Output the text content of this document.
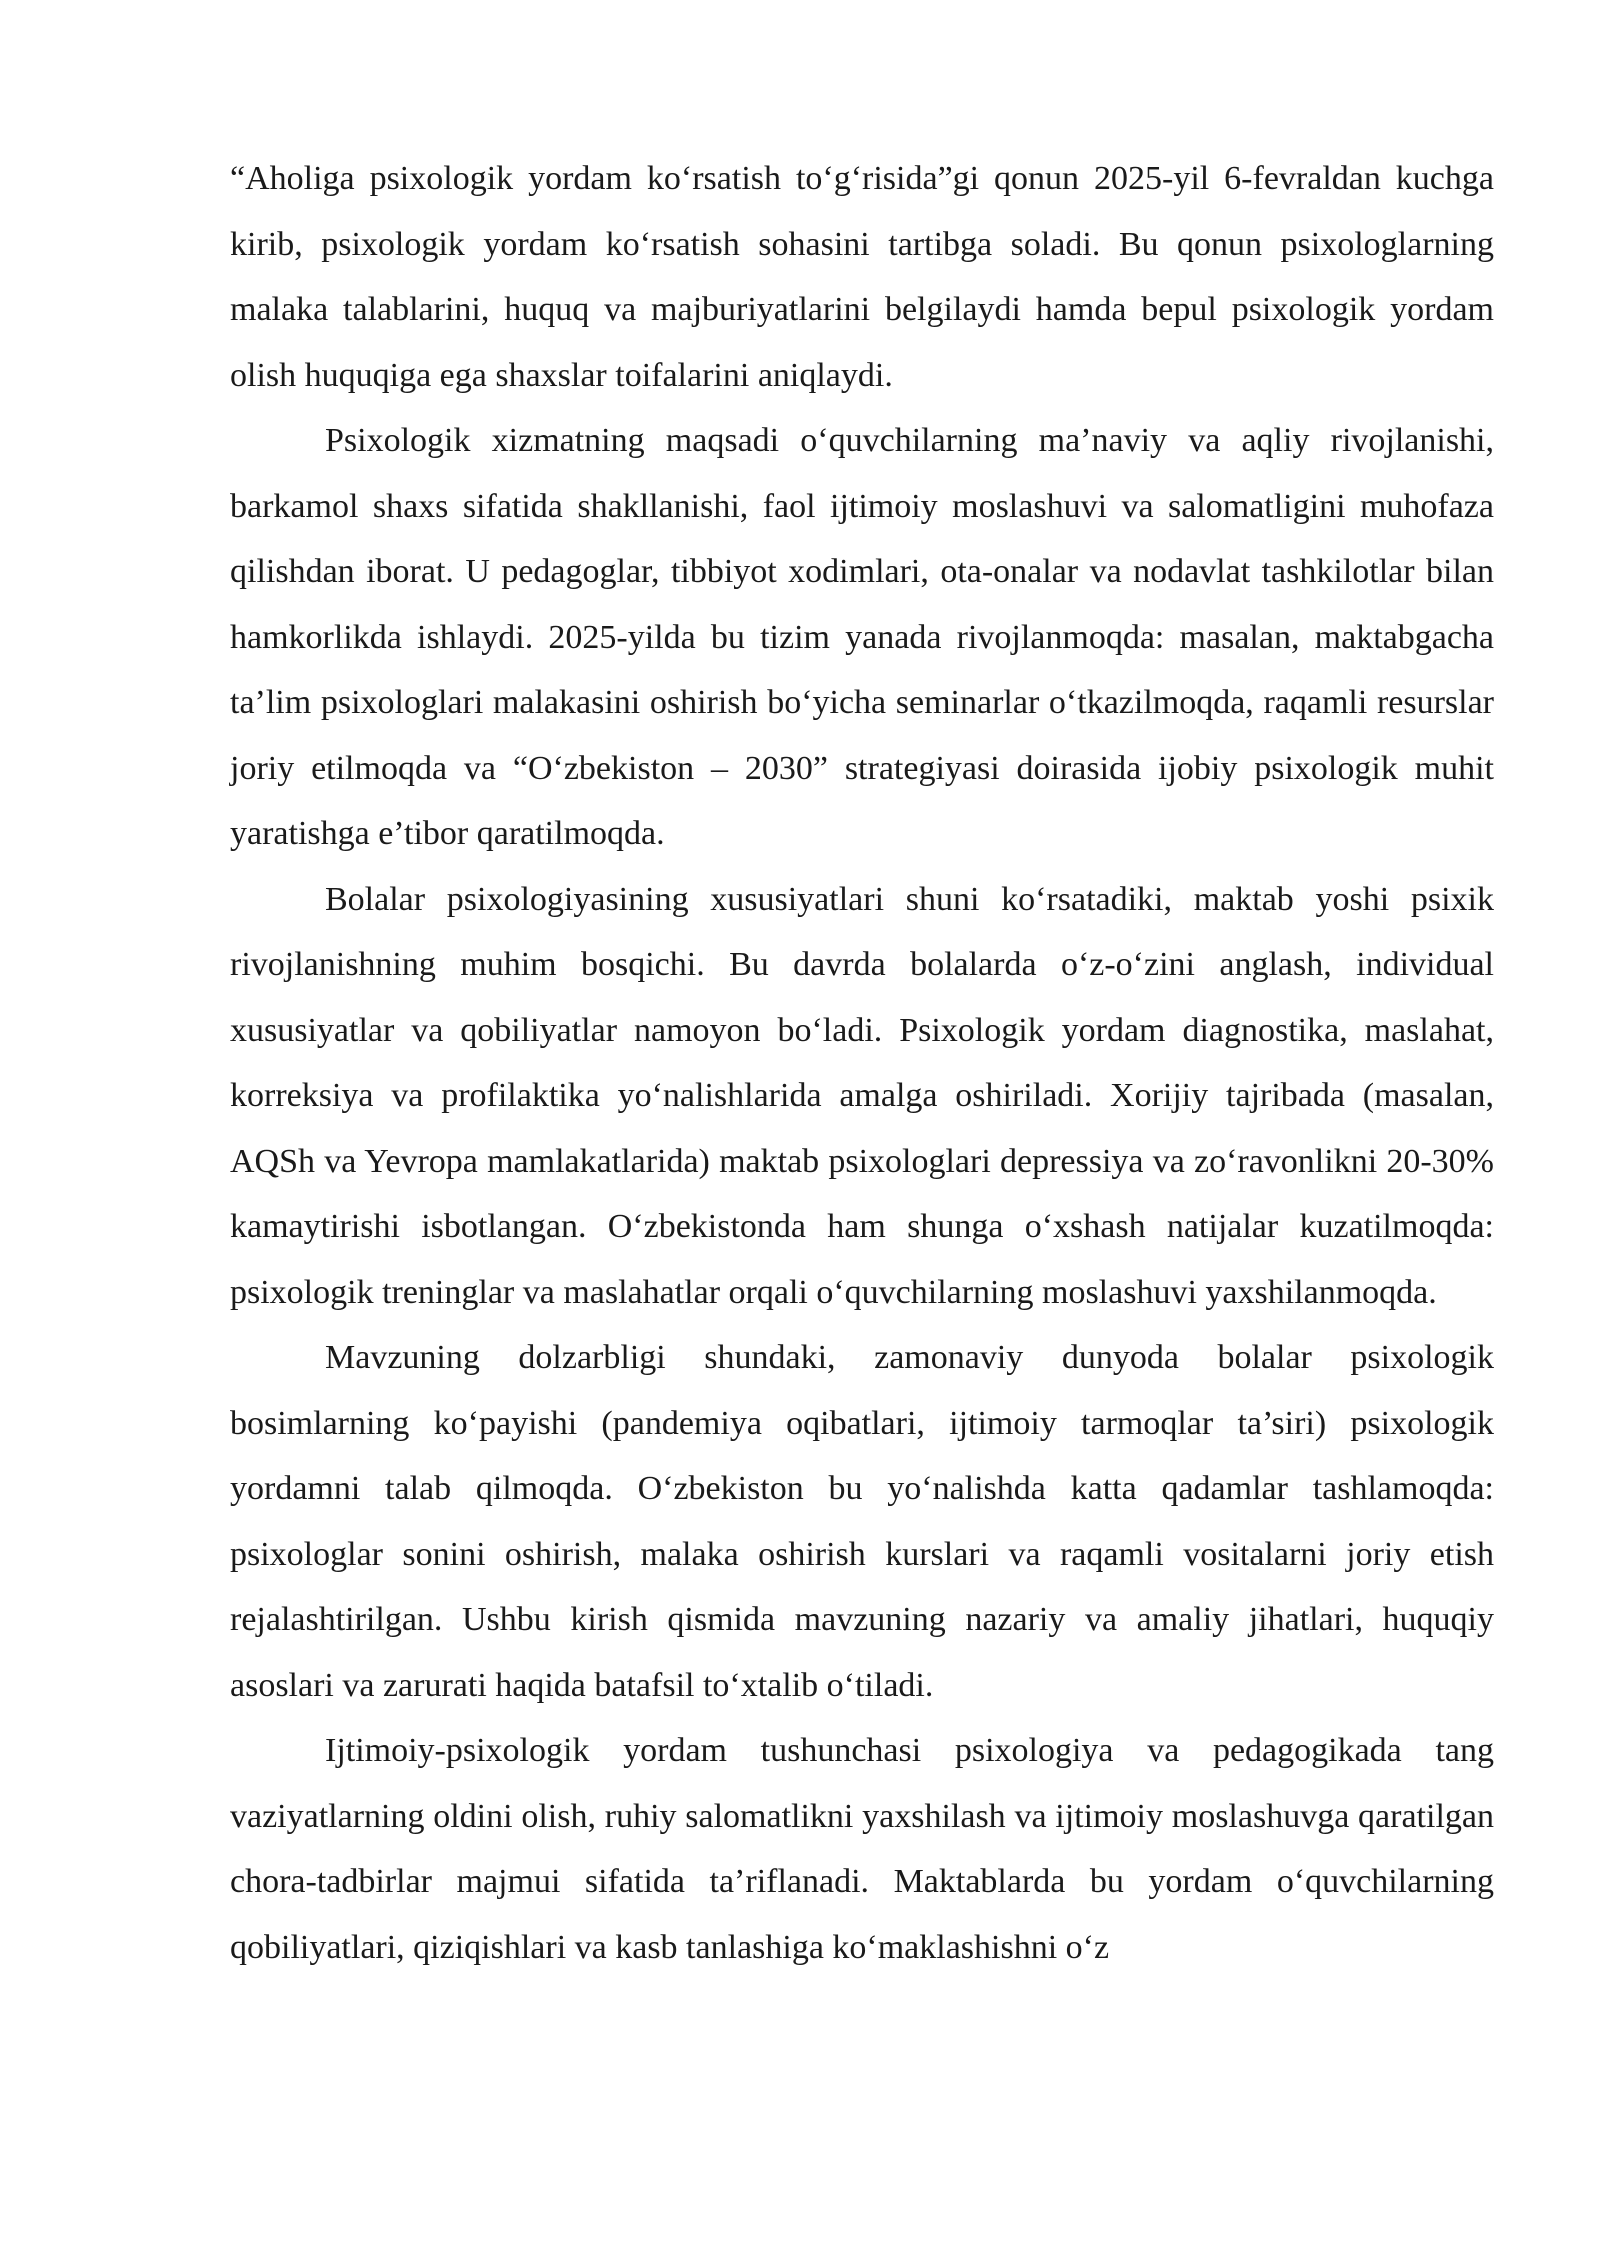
“Aholiga psixologik yordam ko‘rsatish to‘g‘risida”gi qonun 2025-yil 6-fevraldan kuchga kirib, psixologik yordam ko‘rsatish sohasini tartibga soladi. Bu qonun psixologlarning malaka talablarini, huquq va majburiyatlarini belgilaydi hamda bepul psixologik yordam olish huquqiga ega shaxslar toifalarini aniqlaydi.

Psixologik xizmatning maqsadi o‘quvchilarning ma’naviy va aqliy rivojlanishi, barkamol shaxs sifatida shakllanishi, faol ijtimoiy moslashuvi va salomatligini muhofaza qilishdan iborat. U pedagoglar, tibbiyot xodimlari, ota-onalar va nodavlat tashkilotlar bilan hamkorlikda ishlaydi. 2025-yilda bu tizim yanada rivojlanmoqda: masalan, maktabgacha ta’lim psixologlari malakasini oshirish bo‘yicha seminarlar o‘tkazilmoqda, raqamli resurslar joriy etilmoqda va “O‘zbekiston – 2030” strategiyasi doirasida ijobiy psixologik muhit yaratishga e’tibor qaratilmoqda.

Bolalar psixologiyasining xususiyatlari shuni ko‘rsatadiki, maktab yoshi psixik rivojlanishning muhim bosqichi. Bu davrda bolalarda o‘z-o‘zini anglash, individual xususiyatlar va qobiliyatlar namoyon bo‘ladi. Psixologik yordam diagnostika, maslahat, korreksiya va profilaktika yo‘nalishlarida amalga oshiriladi. Xorijiy tajribada (masalan, AQSh va Yevropa mamlakatlarida) maktab psixologlari depressiya va zo‘ravonlikni 20-30% kamaytirishi isbotlangan. O‘zbekistonda ham shunga o‘xshash natijalar kuzatilmoqda: psixologik treninglar va maslahatlar orqali o‘quvchilarning moslashuvi yaxshilanmoqda.

Mavzuning dolzarbligi shundaki, zamonaviy dunyoda bolalar psixologik bosimlarning ko‘payishi (pandemiya oqibatlari, ijtimoiy tarmoqlar ta’siri) psixologik yordamni talab qilmoqda. O‘zbekiston bu yo‘nalishda katta qadamlar tashlamoqda: psixologlar sonini oshirish, malaka oshirish kurslari va raqamli vositalarni joriy etish rejalashtirilgan. Ushbu kirish qismida mavzuning nazariy va amaliy jihatlari, huquqiy asoslari va zarurati haqida batafsil to‘xtalib o‘tiladi.

Ijtimoiy-psixologik yordam tushunchasi psixologiya va pedagogikada tang vaziyatlarning oldini olish, ruhiy salomatlikni yaxshilash va ijtimoiy moslashuvga qaratilgan chora-tadbirlar majmui sifatida ta’riflanadi. Maktablarda bu yordam o‘quvchilarning qobiliyatlari, qiziqishlari va kasb tanlashiga ko‘maklashishni o‘z
